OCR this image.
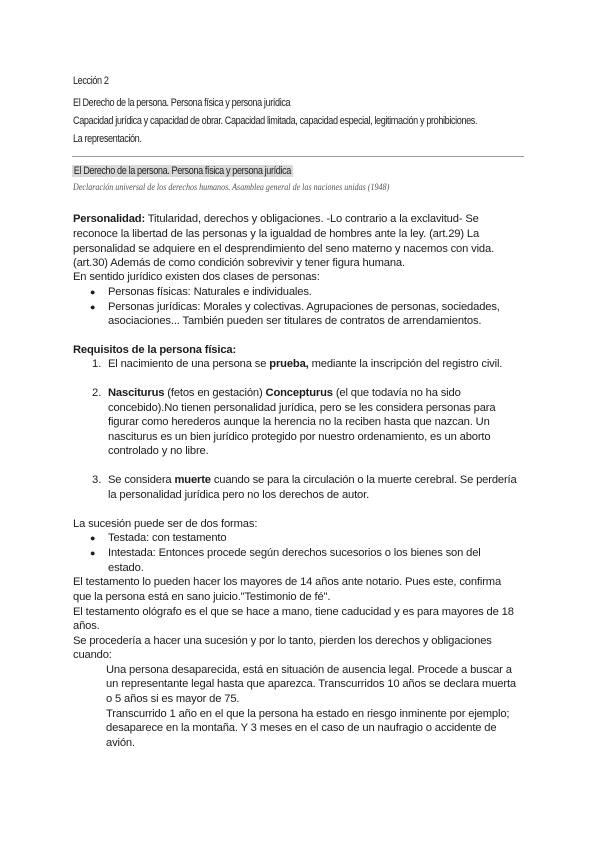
Lección 2
El Derecho de la persona. Persona física y persona jurídica
Capacidad jurídica y capacidad de obrar. Capacidad limitada, capacidad especial, legitimación y prohibiciones.
La representación.
El Derecho de la persona. Persona física y persona jurídica
Declaración universal de los derechos humanos. Asamblea general de las naciones unidas (1948)
Personalidad: Titularidad, derechos y obligaciones. -Lo contrario a la exclavitud- Se
reconoce la libertad de las personas y la igualdad de hombres ante la ley. (art.29) La
personalidad se adquiere en el desprendimiento del seno materno y nacemos con vida.
(art.30) Además de como condición sobrevivir y tener figura humana.
En sentido jurídico existen dos clases de personas:
● Personas físicas: Naturales e individuales.
● Personas jurídicas: Morales y colectivas. Agrupaciones de personas, sociedades,
asociaciones... También pueden ser titulares de contratos de arrendamientos.
Requisitos de la persona física:
1. El nacimiento de una persona se prueba, mediante la inscripción del registro civil.
2. Nasciturus (fetos en gestación) Concepturus (el que todavía no ha sido
concebido).No tienen personalidad jurídica, pero se les considera personas para
figurar como herederos aunque la herencia no la reciben hasta que nazcan. Un
nasciturus es un bien jurídico protegido por nuestro ordenamiento, es un aborto
controlado y no libre.
3. Se considera muerte cuando se para la circulación o la muerte cerebral. Se perdería
la personalidad jurídica pero no los derechos de autor.
La sucesión puede ser de dos formas:
● Testada: con testamento
● Intestada: Entonces procede según derechos sucesorios o los bienes son del
estado.
El testamento lo pueden hacer los mayores de 14 años ante notario. Pues este, confirma
que la persona está en sano juicio."Testimonio de fé".
El testamento ológrafo es el que se hace a mano, tiene caducidad y es para mayores de 18
años.
Se procedería a hacer una sucesión y por lo tanto, pierden los derechos y obligaciones
cuando:
Una persona desaparecida, está en situación de ausencia legal. Procede a buscar a
un representante legal hasta que aparezca. Transcurridos 10 años se declara muerta
o 5 años si es mayor de 75.
Transcurrido 1 año en el que la persona ha estado en riesgo inminente por ejemplo;
desaparece en la montaña. Y 3 meses en el caso de un naufragio o accidente de
avión.
